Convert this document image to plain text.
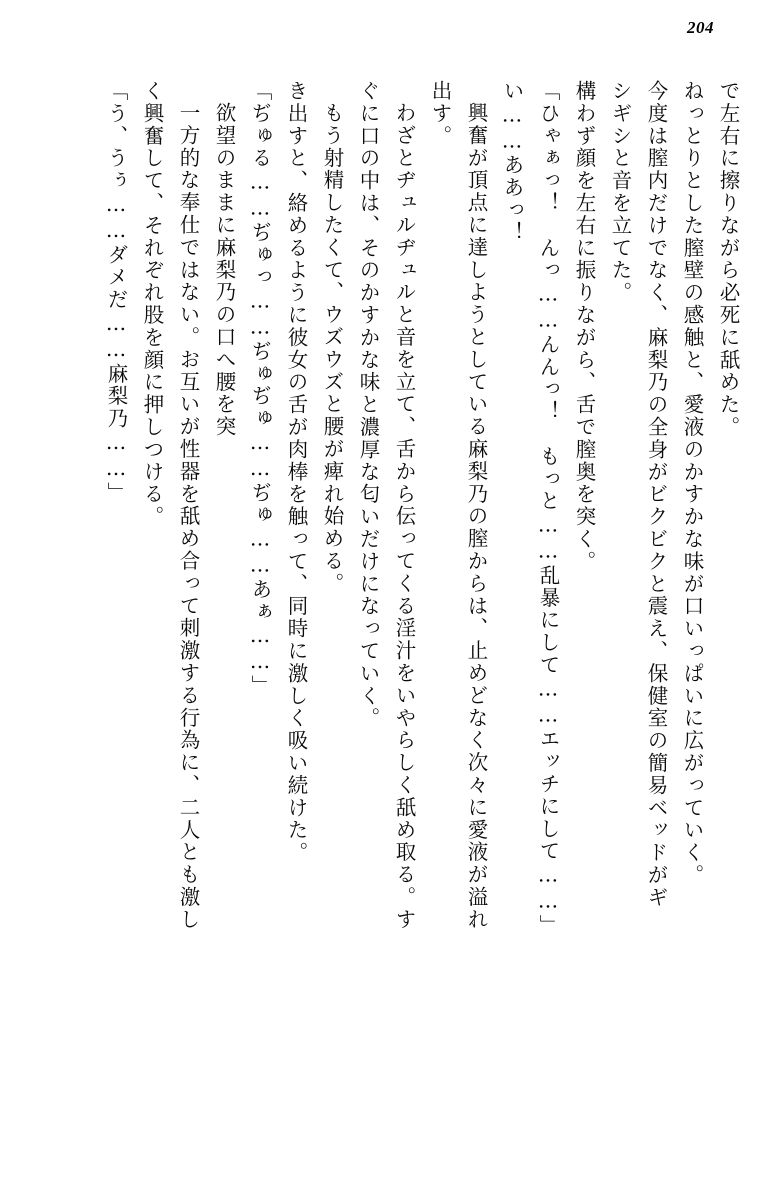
204
で左右に擦りながら必死に舐めた。
ねっとりとした膣壁の感触と、愛液のかすかな味が口いっぱいに広がっていく。
今度は膣内だけでなく、麻梨乃の全身がビクビクと震え、保健室の簡易ベッドがギ
シギシと音を立てた。
構わず顔を左右に振りながら、舌で膣奥を突く。
「ひゃぁっ！　んっ……んんっ！　もっと……乱暴にして……エッチにして……」
い……ああっ！
興奮が頂点に達しようとしている麻梨乃の膣からは、止めどなく次々に愛液が溢れ
出す。
わざとヂュルヂュルと音を立て、舌から伝ってくる淫汁をいやらしく舐め取る。す
ぐに口の中は、そのかすかな味と濃厚な匂いだけになっていく。
もう射精したくて、ウズウズと腰が痺れ始める。
き出すと、絡めるように彼女の舌が肉棒を触って、同時に激しく吸い続けた。
「ぢゅる……ぢゅっ……ぢゅぢゅ……ぢゅ……あぁ……」
欲望のままに麻梨乃の口へ腰を突
一方的な奉仕ではない。お互いが性器を舐め合って刺激する行為に、二人とも激し
く興奮して、それぞれ股を顔に押しつける。
「う、うぅ……ダメだ……麻梨乃……」
